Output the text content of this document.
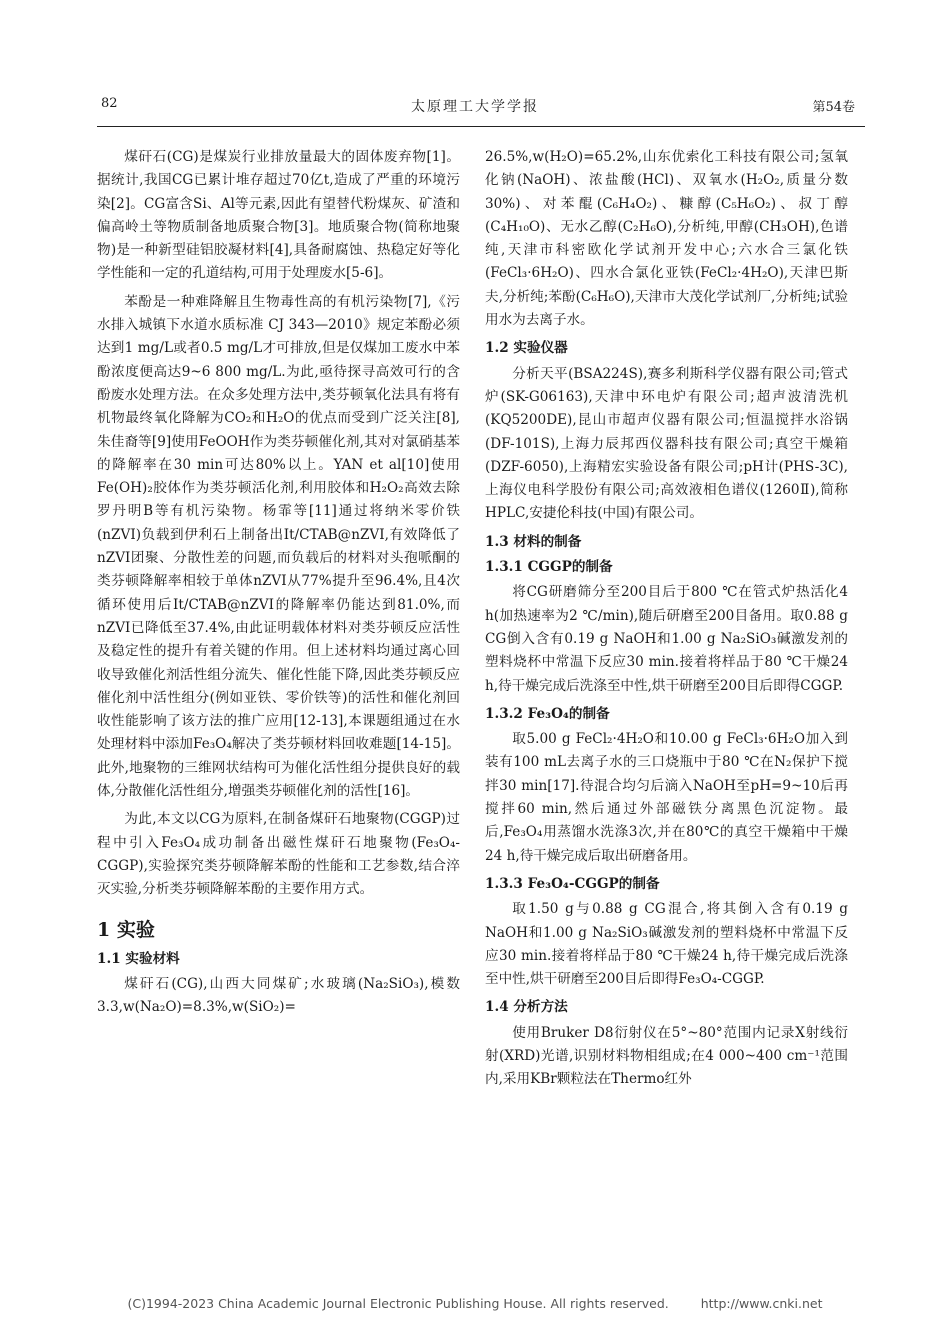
82	太原理工大学学报	第54卷

煤矸石(CG)是煤炭行业排放量最大的固体废弃物[1]。据统计,我国CG已累计堆存超过70亿t,造成了严重的环境污染[2]。CG富含Si、Al等元素,因此有望替代粉煤灰、矿渣和偏高岭土等物质制备地质聚合物[3]。地质聚合物(简称地聚物)是一种新型硅铝胶凝材料[4],具备耐腐蚀、热稳定好等化学性能和一定的孔道结构,可用于处理废水[5-6]。

苯酚是一种难降解且生物毒性高的有机污染物[7],《污水排入城镇下水道水质标准 CJ 343—2010》规定苯酚必须达到1 mg/L或者0.5 mg/L才可排放,但是仅煤加工废水中苯酚浓度便高达9~6 800 mg/L.为此,亟待探寻高效可行的含酚废水处理方法。在众多处理方法中,类芬顿氧化法具有将有机物最终氧化降解为CO₂和H₂O的优点而受到广泛关注[8],朱佳裔等[9]使用FeOOH作为类芬顿催化剂,其对对氯硝基苯的降解率在30 min可达80%以上。YAN et al[10]使用Fe(OH)₂胶体作为类芬顿活化剂,利用胶体和H₂O₂高效去除罗丹明B等有机污染物。杨霏等[11]通过将纳米零价铁(nZVI)负载到伊利石上制备出It/CTAB@nZVI,有效降低了nZVI团聚、分散性差的问题,而负载后的材料对头孢哌酮的类芬顿降解率相较于单体nZVI从77%提升至96.4%,且4次循环使用后It/CTAB@nZVI的降解率仍能达到81.0%,而nZVI已降低至37.4%,由此证明载体材料对类芬顿反应活性及稳定性的提升有着关键的作用。但上述材料均通过离心回收导致催化剂活性组分流失、催化性能下降,因此类芬顿反应催化剂中活性组分(例如亚铁、零价铁等)的活性和催化剂回收性能影响了该方法的推广应用[12-13],本课题组通过在水处理材料中添加Fe₃O₄解决了类芬顿材料回收难题[14-15]。此外,地聚物的三维网状结构可为催化活性组分提供良好的载体,分散催化活性组分,增强类芬顿催化剂的活性[16]。

为此,本文以CG为原料,在制备煤矸石地聚物(CGGP)过程中引入Fe₃O₄成功制备出磁性煤矸石地聚物(Fe₃O₄-CGGP),实验探究类芬顿降解苯酚的性能和工艺参数,结合淬灭实验,分析类芬顿降解苯酚的主要作用方式。

1 实验
1.1 实验材料

煤矸石(CG),山西大同煤矿;水玻璃(Na₂SiO₃),模数3.3,w(Na₂O)=8.3%,w(SiO₂)=

26.5%,w(H₂O)=65.2%,山东优索化工科技有限公司;氢氧化钠(NaOH)、浓盐酸(HCl)、双氧水(H₂O₂,质量分数30%)、对苯醌(C₆H₄O₂)、糠醇(C₅H₆O₂)、叔丁醇(C₄H₁₀O)、无水乙醇(C₂H₆O),分析纯,甲醇(CH₃OH),色谱纯,天津市科密欧化学试剂开发中心;六水合三氯化铁(FeCl₃·6H₂O)、四水合氯化亚铁(FeCl₂·4H₂O),天津巴斯夫,分析纯;苯酚(C₆H₆O),天津市大茂化学试剂厂,分析纯;试验用水为去离子水。

1.2 实验仪器

分析天平(BSA224S),赛多利斯科学仪器有限公司;管式炉(SK-G06163),天津中环电炉有限公司;超声波清洗机(KQ5200DE),昆山市超声仪器有限公司;恒温搅拌水浴锅(DF-101S),上海力辰邦西仪器科技有限公司;真空干燥箱(DZF-6050),上海精宏实验设备有限公司;pH计(PHS-3C),上海仪电科学股份有限公司;高效液相色谱仪(1260Ⅱ),简称HPLC,安捷伦科技(中国)有限公司。

1.3 材料的制备
1.3.1 CGGP的制备

将CG研磨筛分至200目后于800 ℃在管式炉热活化4 h(加热速率为2 ℃/min),随后研磨至200目备用。取0.88 g CG倒入含有0.19 g NaOH和1.00 g Na₂SiO₃碱激发剂的塑料烧杯中常温下反应30 min.接着将样品于80 ℃干燥24 h,待干燥完成后洗涤至中性,烘干研磨至200目后即得CGGP.

1.3.2 Fe₃O₄的制备

取5.00 g FeCl₂·4H₂O和10.00 g FeCl₃·6H₂O加入到装有100 mL去离子水的三口烧瓶中于80 ℃在N₂保护下搅拌30 min[17].待混合均匀后滴入NaOH至pH=9~10后再搅拌60 min,然后通过外部磁铁分离黑色沉淀物。最后,Fe₃O₄用蒸馏水洗涤3次,并在80℃的真空干燥箱中干燥24 h,待干燥完成后取出研磨备用。

1.3.3 Fe₃O₄-CGGP的制备

取1.50 g与0.88 g CG混合,将其倒入含有0.19 g NaOH和1.00 g Na₂SiO₃碱激发剂的塑料烧杯中常温下反应30 min.接着将样品于80 ℃干燥24 h,待干燥完成后洗涤至中性,烘干研磨至200目后即得Fe₃O₄-CGGP.

1.4 分析方法

使用Bruker D8衍射仪在5°~80°范围内记录X射线衍射(XRD)光谱,识别材料物相组成;在4 000~400 cm⁻¹范围内,采用KBr颗粒法在Thermo红外

(C)1994-2023 China Academic Journal Electronic Publishing House. All rights reserved.	http://www.cnki.net
